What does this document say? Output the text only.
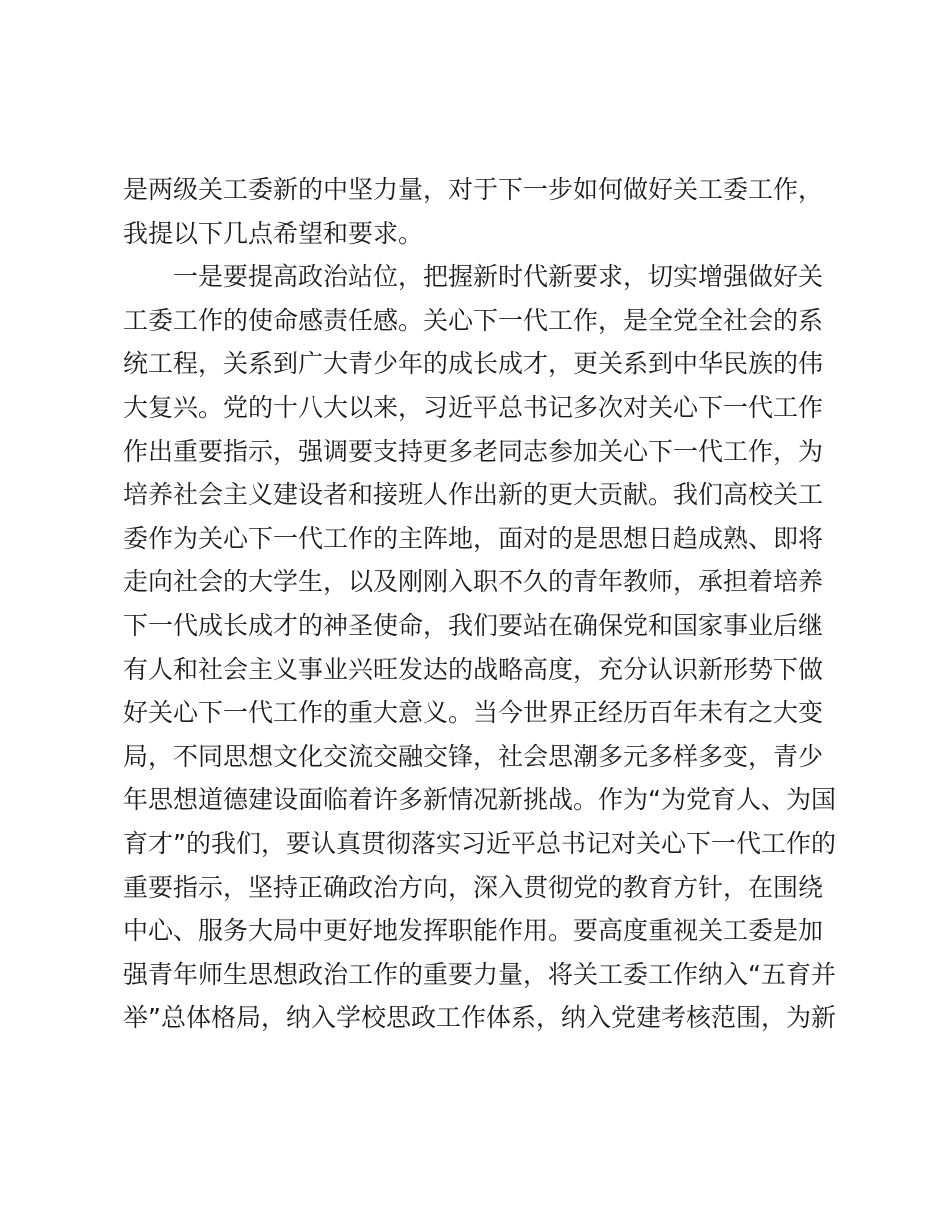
是两级关工委新的中坚力量，对于下一步如何做好关工委工作，
我提以下几点希望和要求。
一是要提高政治站位，把握新时代新要求，切实增强做好关
工委工作的使命感责任感。关心下一代工作，是全党全社会的系
统工程，关系到广大青少年的成长成才，更关系到中华民族的伟
大复兴。党的十八大以来，习近平总书记多次对关心下一代工作
作出重要指示，强调要支持更多老同志参加关心下一代工作，为
培养社会主义建设者和接班人作出新的更大贡献。我们高校关工
委作为关心下一代工作的主阵地，面对的是思想日趋成熟、即将
走向社会的大学生，以及刚刚入职不久的青年教师，承担着培养
下一代成长成才的神圣使命，我们要站在确保党和国家事业后继
有人和社会主义事业兴旺发达的战略高度，充分认识新形势下做
好关心下一代工作的重大意义。当今世界正经历百年未有之大变
局，不同思想文化交流交融交锋，社会思潮多元多样多变，青少
年思想道德建设面临着许多新情况新挑战。作为“为党育人、为国
育才”的我们，要认真贯彻落实习近平总书记对关心下一代工作的
重要指示，坚持正确政治方向，深入贯彻党的教育方针，在围绕
中心、服务大局中更好地发挥职能作用。要高度重视关工委是加
强青年师生思想政治工作的重要力量，将关工委工作纳入“五育并
举”总体格局，纳入学校思政工作体系，纳入党建考核范围，为新
